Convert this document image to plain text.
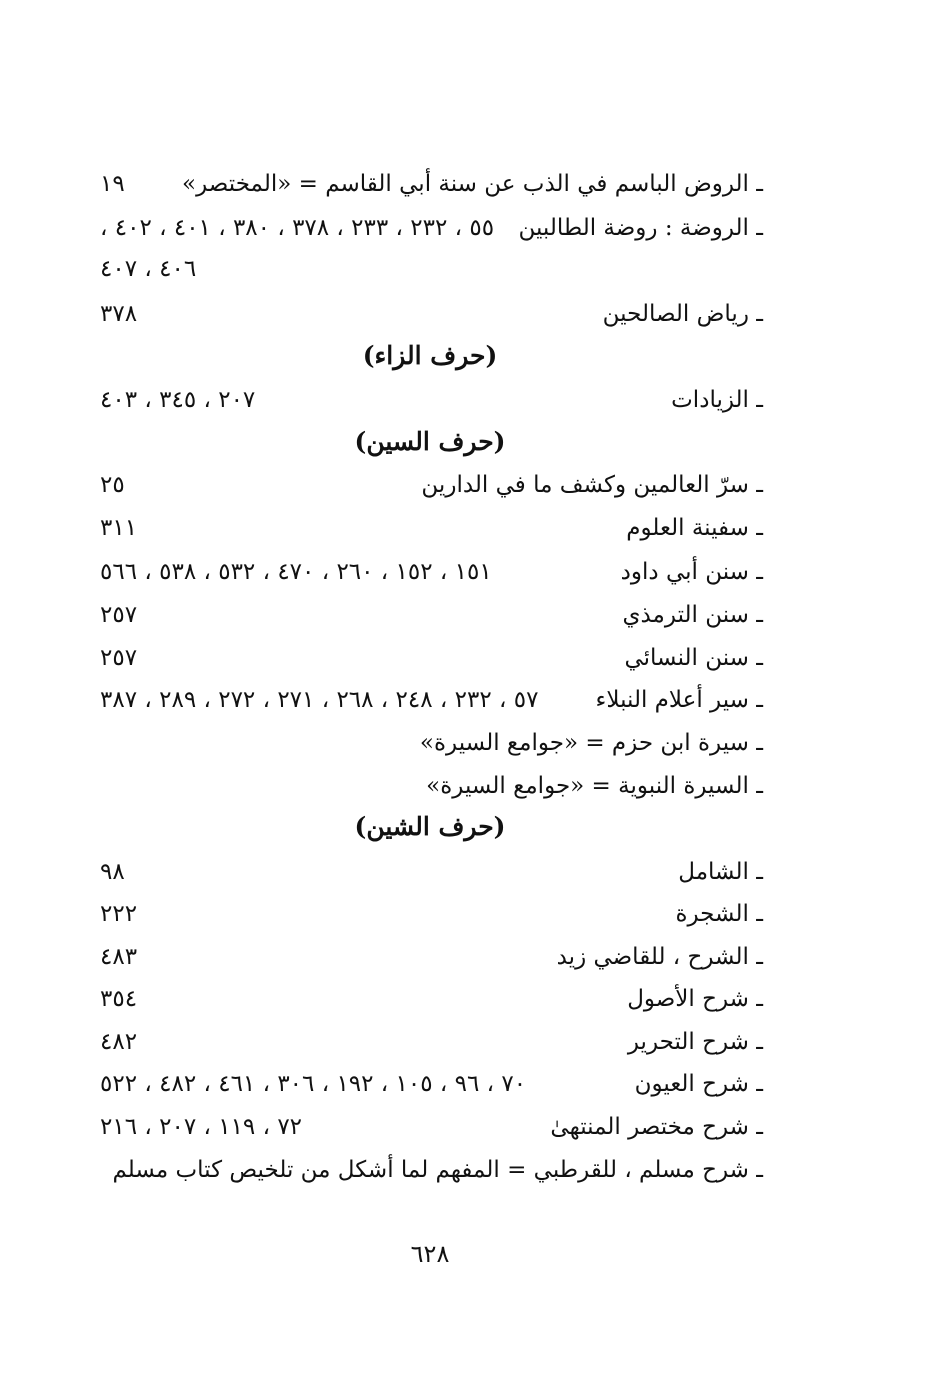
ـ الروض الباسم في الذب عن سنة أبي القاسم = «المختصر»
١٩
ـ الروضة : روضة الطالبين
٥٥ ، ٢٣٢ ، ٢٣٣ ، ٣٧٨ ، ٣٨٠ ، ٤٠١ ، ٤٠٢ ،
٤٠٦ ، ٤٠٧
ـ رياض الصالحين
٣٧٨
(حرف الزاء)
ـ الزيادات
٢٠٧ ، ٣٤٥ ، ٤٠٣
(حرف السين)
ـ سرّ العالمين وكشف ما في الدارين
٢٥
ـ سفينة العلوم
٣١١
ـ سنن أبي داود
١٥١ ، ١٥٢ ، ٢٦٠ ، ٤٧٠ ، ٥٣٢ ، ٥٣٨ ، ٥٦٦
ـ سنن الترمذي
٢٥٧
ـ سنن النسائي
٢٥٧
ـ سير أعلام النبلاء
٥٧ ، ٢٣٢ ، ٢٤٨ ، ٢٦٨ ، ٢٧١ ، ٢٧٢ ، ٢٨٩ ، ٣٨٧
ـ سيرة ابن حزم = «جوامع السيرة»
ـ السيرة النبوية = «جوامع السيرة»
(حرف الشين)
ـ الشامل
٩٨
ـ الشجرة
٢٢٢
ـ الشرح ، للقاضي زيد
٤٨٣
ـ شرح الأصول
٣٥٤
ـ شرح التحرير
٤٨٢
ـ شرح العيون
٧٠ ، ٩٦ ، ١٠٥ ، ١٩٢ ، ٣٠٦ ، ٤٦١ ، ٤٨٢ ، ٥٢٢
ـ شرح مختصر المنتهىٰ
٧٢ ، ١١٩ ، ٢٠٧ ، ٢١٦
ـ شرح مسلم ، للقرطبي = المفهم لما أشكل من تلخيص كتاب مسلم
٦٢٨
